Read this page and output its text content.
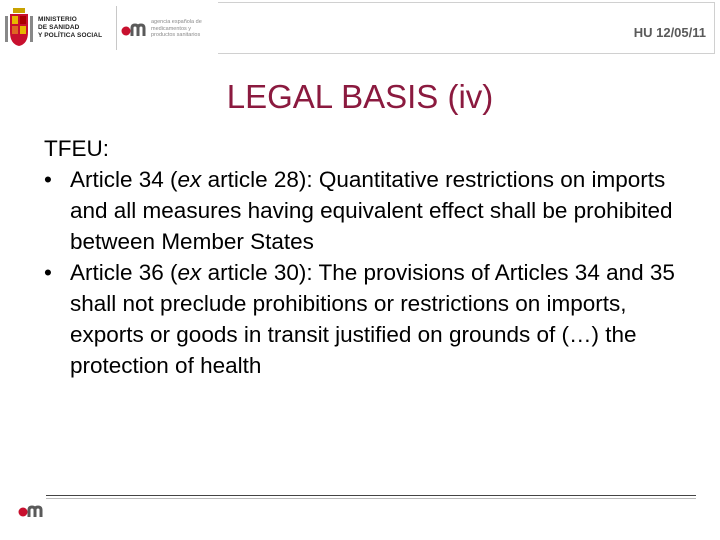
MINISTERIO
DE SANIDAD
Y POLÍTICA SOCIAL
agencia española de
medicamentos y
productos sanitarios	HU 12/05/11
LEGAL BASIS (iv)

TFEU:

• Article 34 (ex article 28): Quantitative restrictions on imports and all measures having equivalent effect shall be prohibited between Member States
• Article 36 (ex article 30): The provisions of Articles 34 and 35 shall not preclude prohibitions or restrictions on imports, exports or goods in transit justified on grounds of (…) the protection of health
